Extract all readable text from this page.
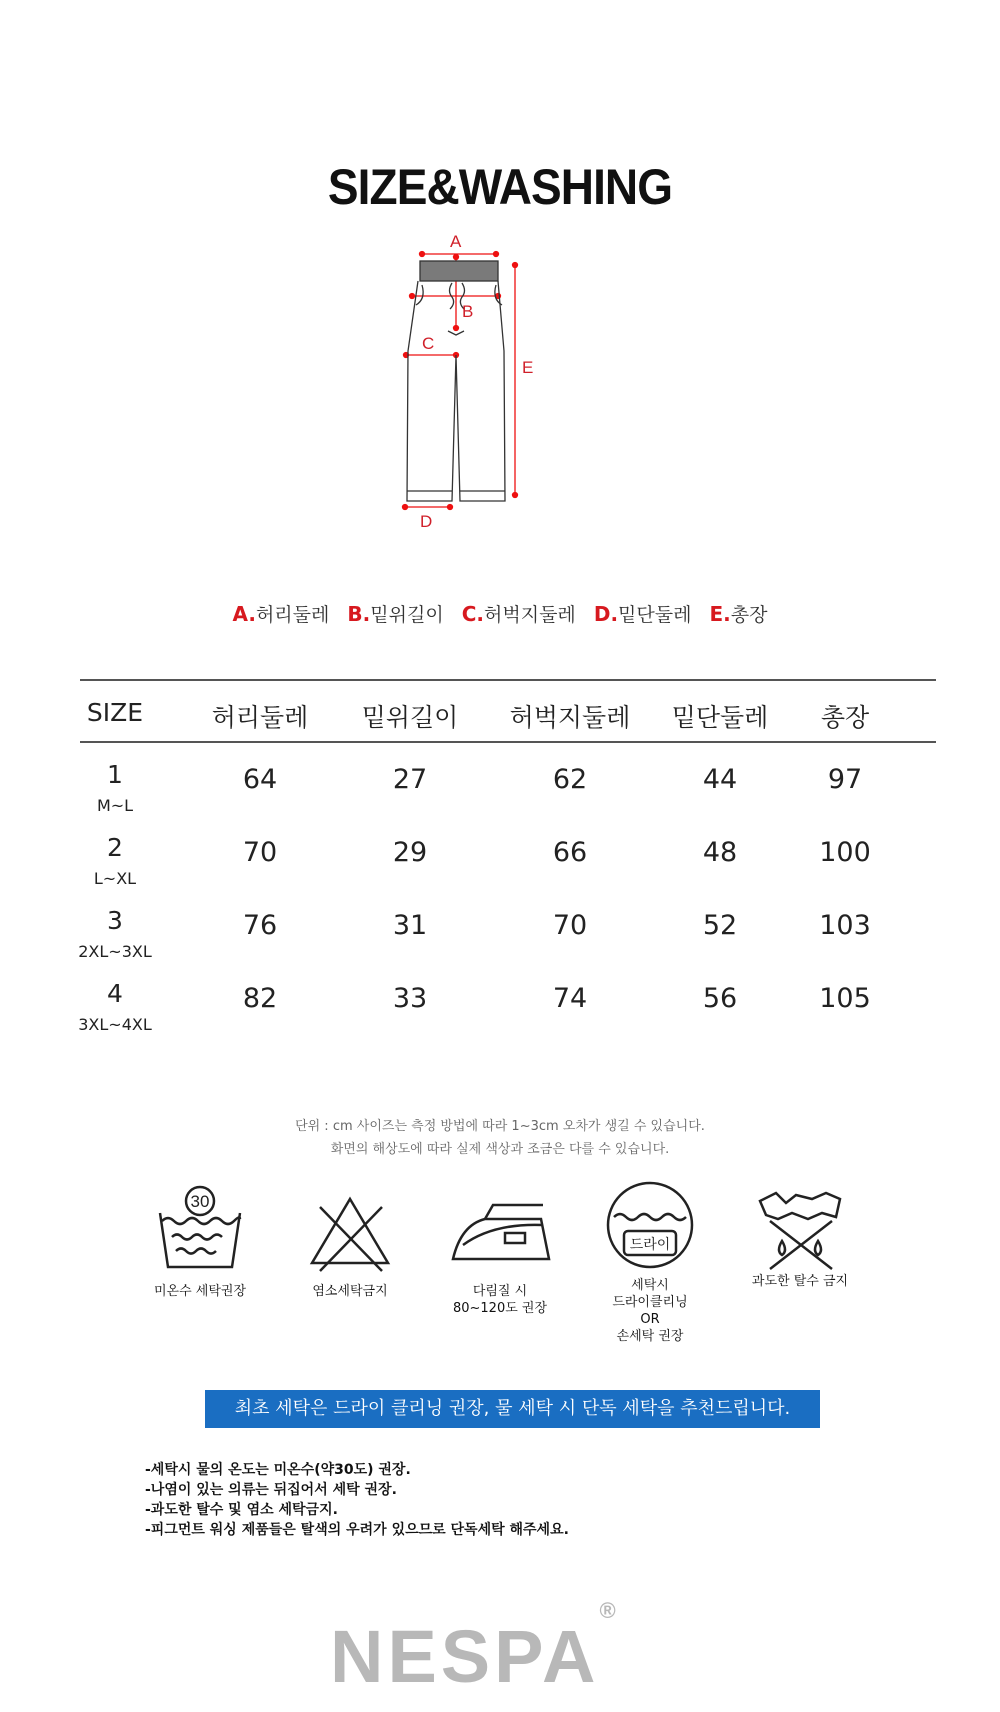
SIZE&WASHING
A
B
C
D
E
A.허리둘레 B.밑위길이 C.허벅지둘레 D.밑단둘레 E.총장
SIZE	허리둘레	밑위길이	허벅지둘레	밑단둘레	총장
1
M~L
64	27	62	44	97
2
L~XL
70	29	66	48	100
3
2XL~3XL
76	31	70	52	103
4
3XL~4XL
82	33	74	56	105
단위 : cm 사이즈는 측정 방법에 따라 1~3cm 오차가 생길 수 있습니다.
화면의 해상도에 따라 실제 색상과 조금은 다를 수 있습니다.
30
미온수 세탁권장	염소세탁금지	다림질 시
80~120도 권장
드라이
세탁시
드라이클리닝
OR
손세탁 권장
과도한 탈수 금지
최초 세탁은 드라이 클리닝 권장, 물 세탁 시 단독 세탁을 추천드립니다.
-세탁시 물의 온도는 미온수(약30도) 권장.
-나염이 있는 의류는 뒤집어서 세탁 권장.
-과도한 탈수 및 염소 세탁금지.
-피그먼트 워싱 제품들은 탈색의 우려가 있으므로 단독세탁 해주세요.
NESPA®
